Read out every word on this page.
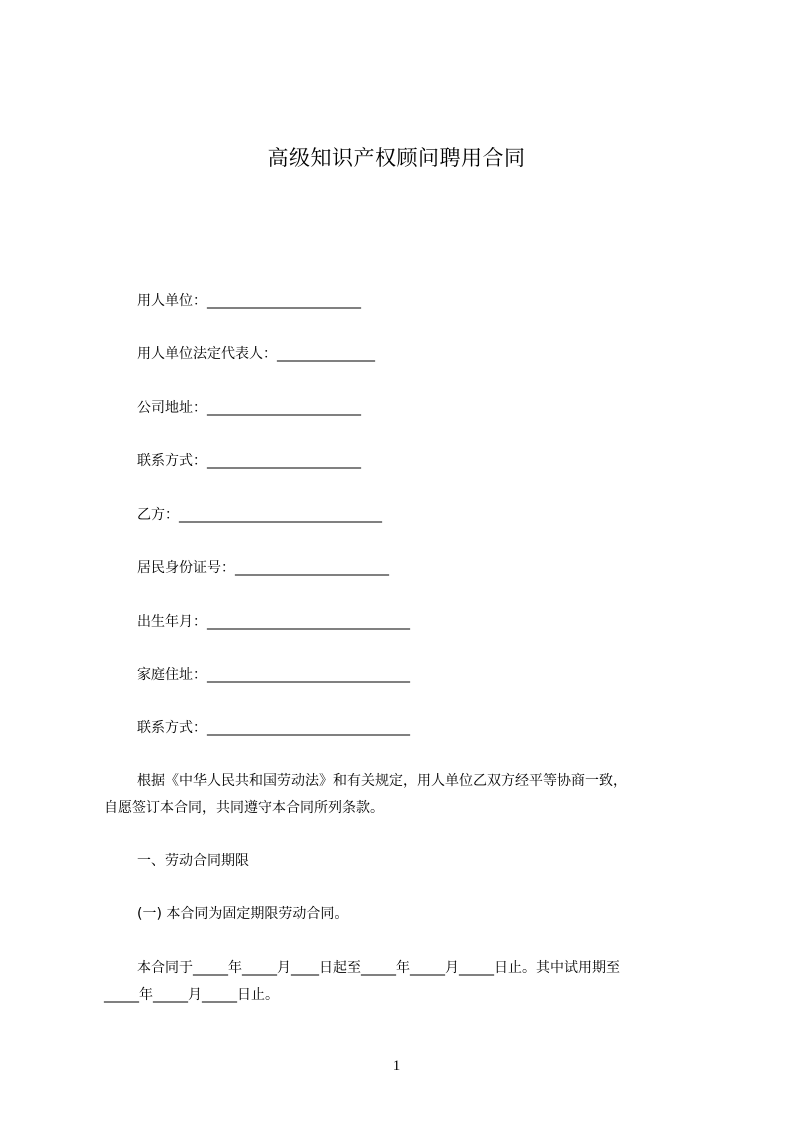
高级知识产权顾问聘用合同
用人单位：______________________
用人单位法定代表人：______________
公司地址：______________________
联系方式：______________________
乙方：_____________________________
居民身份证号：______________________
出生年月：_____________________________
家庭住址：_____________________________
联系方式：_____________________________
根据《中华人民共和国劳动法》和有关规定，用人单位乙双方经平等协商一致，
自愿签订本合同，共同遵守本合同所列条款。
一、劳动合同期限
(一) 本合同为固定期限劳动合同。
本合同于_____年_____月____日起至_____年_____月_____日止。其中试用期至
_____年_____月_____日止。
1
